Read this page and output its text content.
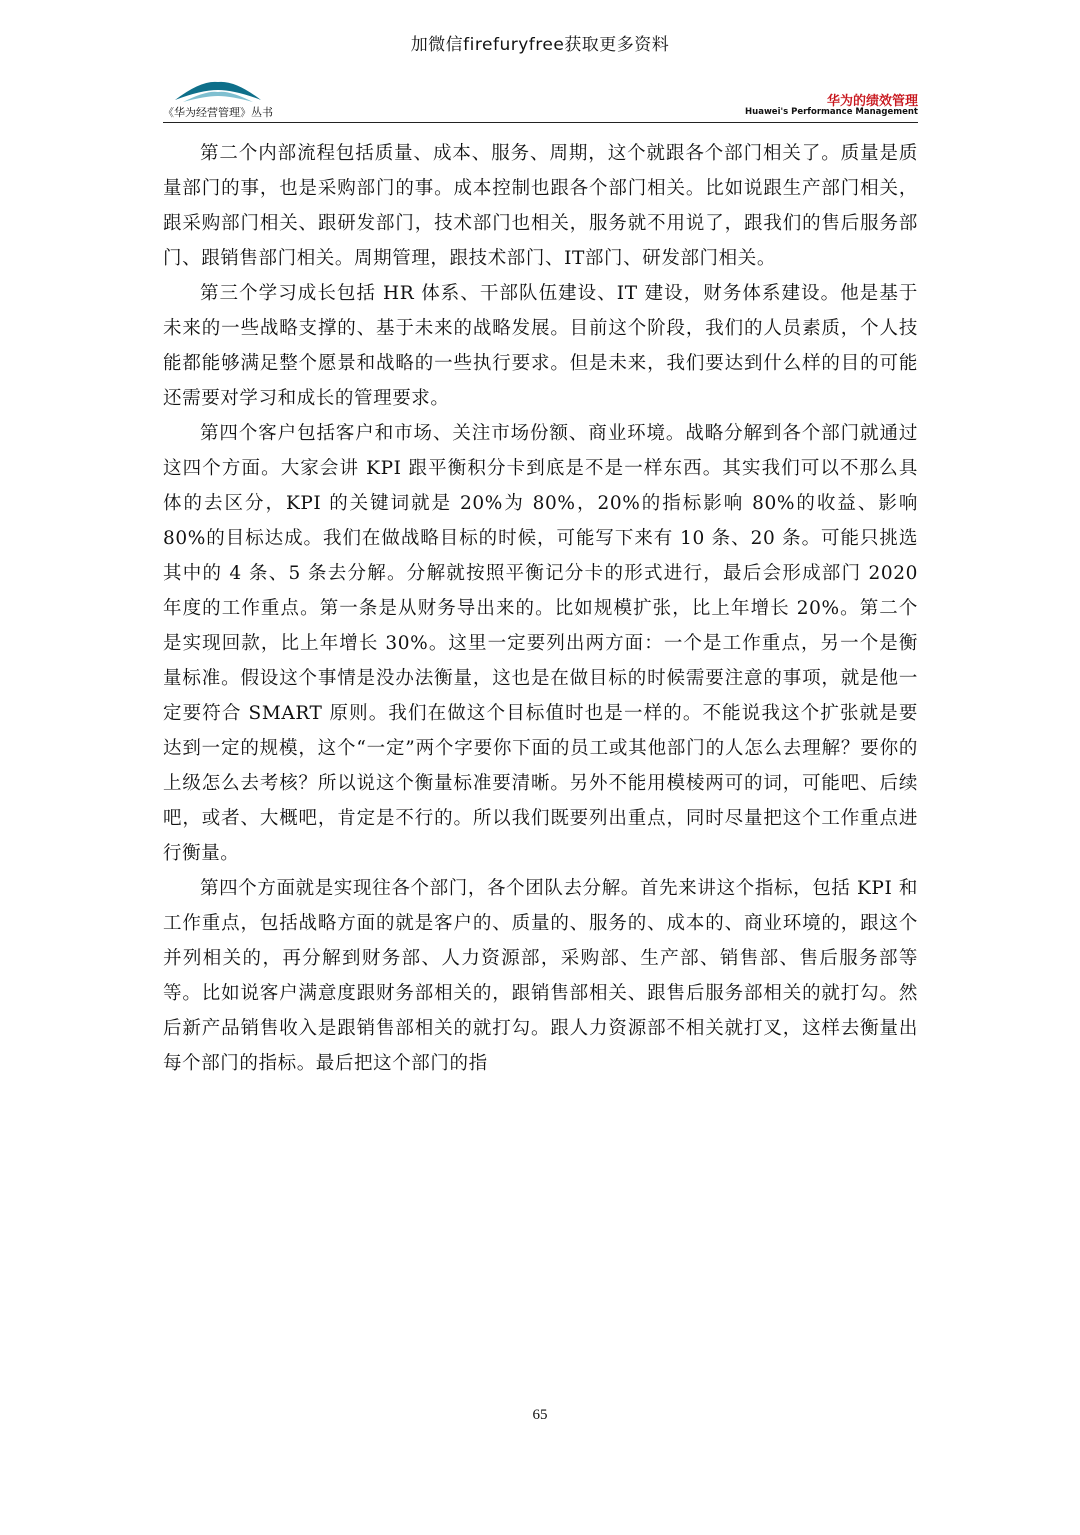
加微信firefuryfree获取更多资料
《华为经营管理》丛书
华为的绩效管理
Huawei's Performance Management

第二个内部流程包括质量、成本、服务、周期，这个就跟各个部门相关了。质量是质量部门的事，也是采购部门的事。成本控制也跟各个部门相关。比如说跟生产部门相关，跟采购部门相关、跟研发部门，技术部门也相关，服务就不用说了，跟我们的售后服务部门、跟销售部门相关。周期管理，跟技术部门、IT部门、研发部门相关。

第三个学习成长包括 HR 体系、干部队伍建设、IT 建设，财务体系建设。他是基于未来的一些战略支撑的、基于未来的战略发展。目前这个阶段，我们的人员素质，个人技能都能够满足整个愿景和战略的一些执行要求。但是未来，我们要达到什么样的目的可能还需要对学习和成长的管理要求。

第四个客户包括客户和市场、关注市场份额、商业环境。战略分解到各个部门就通过这四个方面。大家会讲 KPI 跟平衡积分卡到底是不是一样东西。其实我们可以不那么具体的去区分，KPI 的关键词就是 20%为 80%，20%的指标影响 80%的收益、影响 80%的目标达成。我们在做战略目标的时候，可能写下来有 10 条、20 条。可能只挑选其中的 4 条、5 条去分解。分解就按照平衡记分卡的形式进行，最后会形成部门 2020 年度的工作重点。第一条是从财务导出来的。比如规模扩张，比上年增长 20%。第二个是实现回款，比上年增长 30%。这里一定要列出两方面：一个是工作重点，另一个是衡量标准。假设这个事情是没办法衡量，这也是在做目标的时候需要注意的事项，就是他一定要符合 SMART 原则。我们在做这个目标值时也是一样的。不能说我这个扩张就是要达到一定的规模，这个“一定”两个字要你下面的员工或其他部门的人怎么去理解？要你的上级怎么去考核？所以说这个衡量标准要清晰。另外不能用模棱两可的词，可能吧、后续吧，或者、大概吧，肯定是不行的。所以我们既要列出重点，同时尽量把这个工作重点进行衡量。

第四个方面就是实现往各个部门，各个团队去分解。首先来讲这个指标，包括 KPI 和工作重点，包括战略方面的就是客户的、质量的、服务的、成本的、商业环境的，跟这个并列相关的，再分解到财务部、人力资源部，采购部、生产部、销售部、售后服务部等等。比如说客户满意度跟财务部相关的，跟销售部相关、跟售后服务部相关的就打勾。然后新产品销售收入是跟销售部相关的就打勾。跟人力资源部不相关就打叉，这样去衡量出每个部门的指标。最后把这个部门的指

65
